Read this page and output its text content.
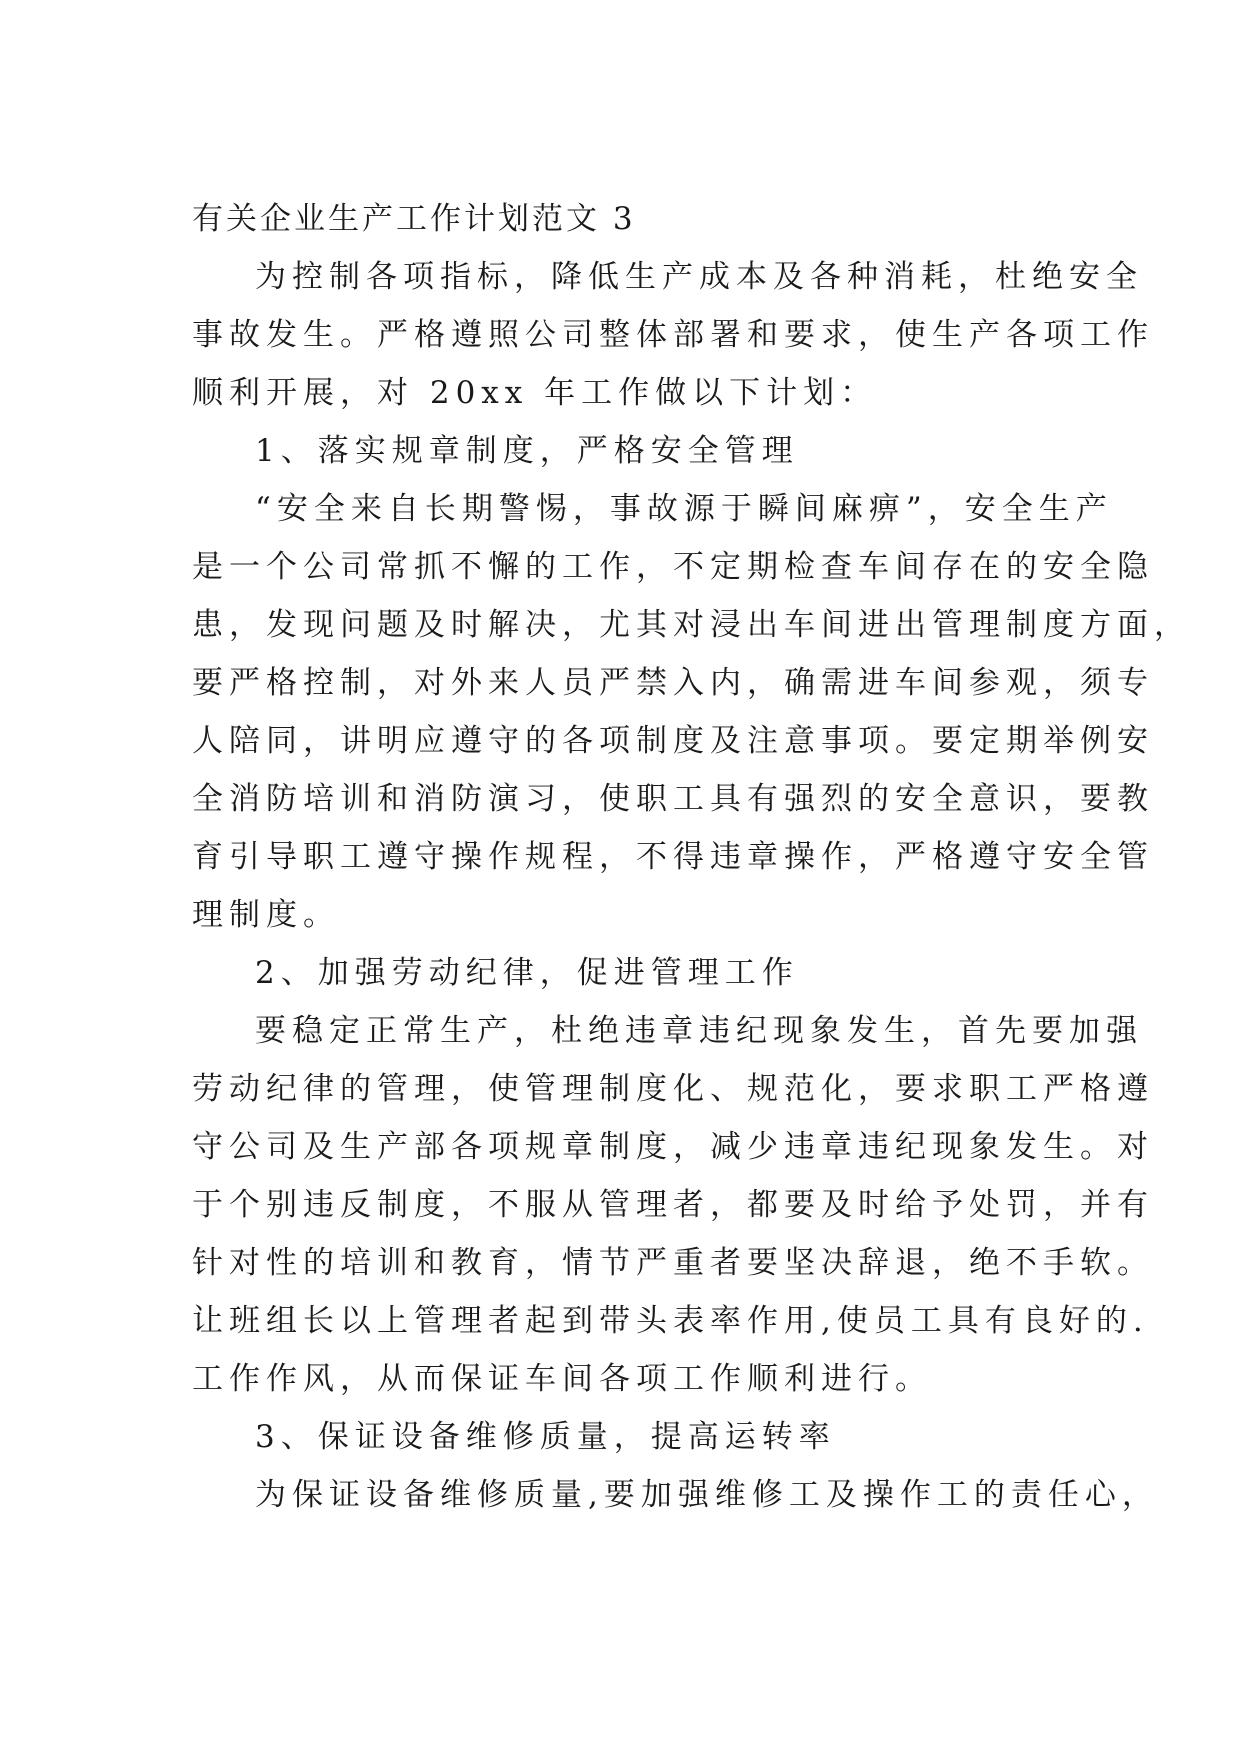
有关企业生产工作计划范文 3
为控制各项指标，降低生产成本及各种消耗，杜绝安全
事故发生。严格遵照公司整体部署和要求，使生产各项工作
顺利开展，对 20xx 年工作做以下计划：
1、落实规章制度，严格安全管理
“安全来自长期警惕，事故源于瞬间麻痹”，安全生产
是一个公司常抓不懈的工作，不定期检查车间存在的安全隐
患，发现问题及时解决，尤其对浸出车间进出管理制度方面，
要严格控制，对外来人员严禁入内，确需进车间参观，须专
人陪同，讲明应遵守的各项制度及注意事项。要定期举例安
全消防培训和消防演习，使职工具有强烈的安全意识，要教
育引导职工遵守操作规程，不得违章操作，严格遵守安全管
理制度。
2、加强劳动纪律，促进管理工作
要稳定正常生产，杜绝违章违纪现象发生，首先要加强
劳动纪律的管理，使管理制度化、规范化，要求职工严格遵
守公司及生产部各项规章制度，减少违章违纪现象发生。对
于个别违反制度，不服从管理者，都要及时给予处罚，并有
针对性的培训和教育，情节严重者要坚决辞退，绝不手软。
让班组长以上管理者起到带头表率作用,使员工具有良好的.
工作作风，从而保证车间各项工作顺利进行。
3、保证设备维修质量，提高运转率
为保证设备维修质量,要加强维修工及操作工的责任心，
